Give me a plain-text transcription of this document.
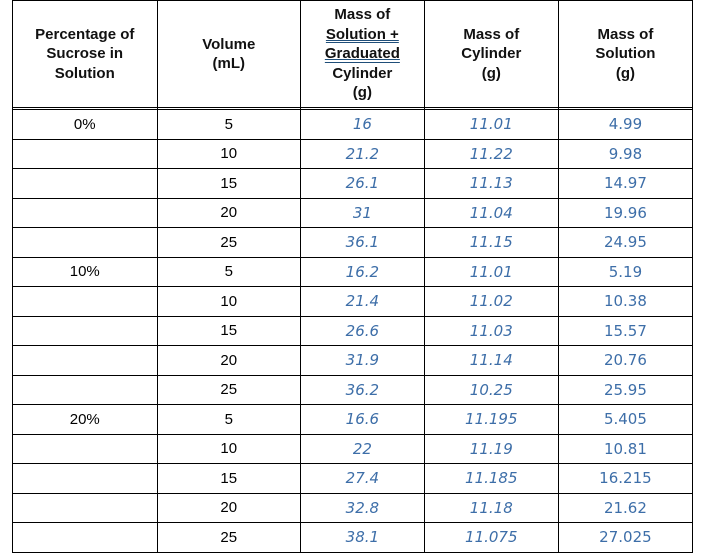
Percentage of
Sucrose in
Solution	Volume
(mL)	Mass of
Solution +
Graduated
Cylinder
(g)	Mass of
Cylinder
(g)	Mass of
Solution
(g)

0%	5	16	11.01	4.99
	10	21.2	11.22	9.98
	15	26.1	11.13	14.97
	20	31	11.04	19.96
	25	36.1	11.15	24.95
10%	5	16.2	11.01	5.19
	10	21.4	11.02	10.38
	15	26.6	11.03	15.57
	20	31.9	11.14	20.76
	25	36.2	10.25	25.95
20%	5	16.6	11.195	5.405
	10	22	11.19	10.81
	15	27.4	11.185	16.215
	20	32.8	11.18	21.62
	25	38.1	11.075	27.025
